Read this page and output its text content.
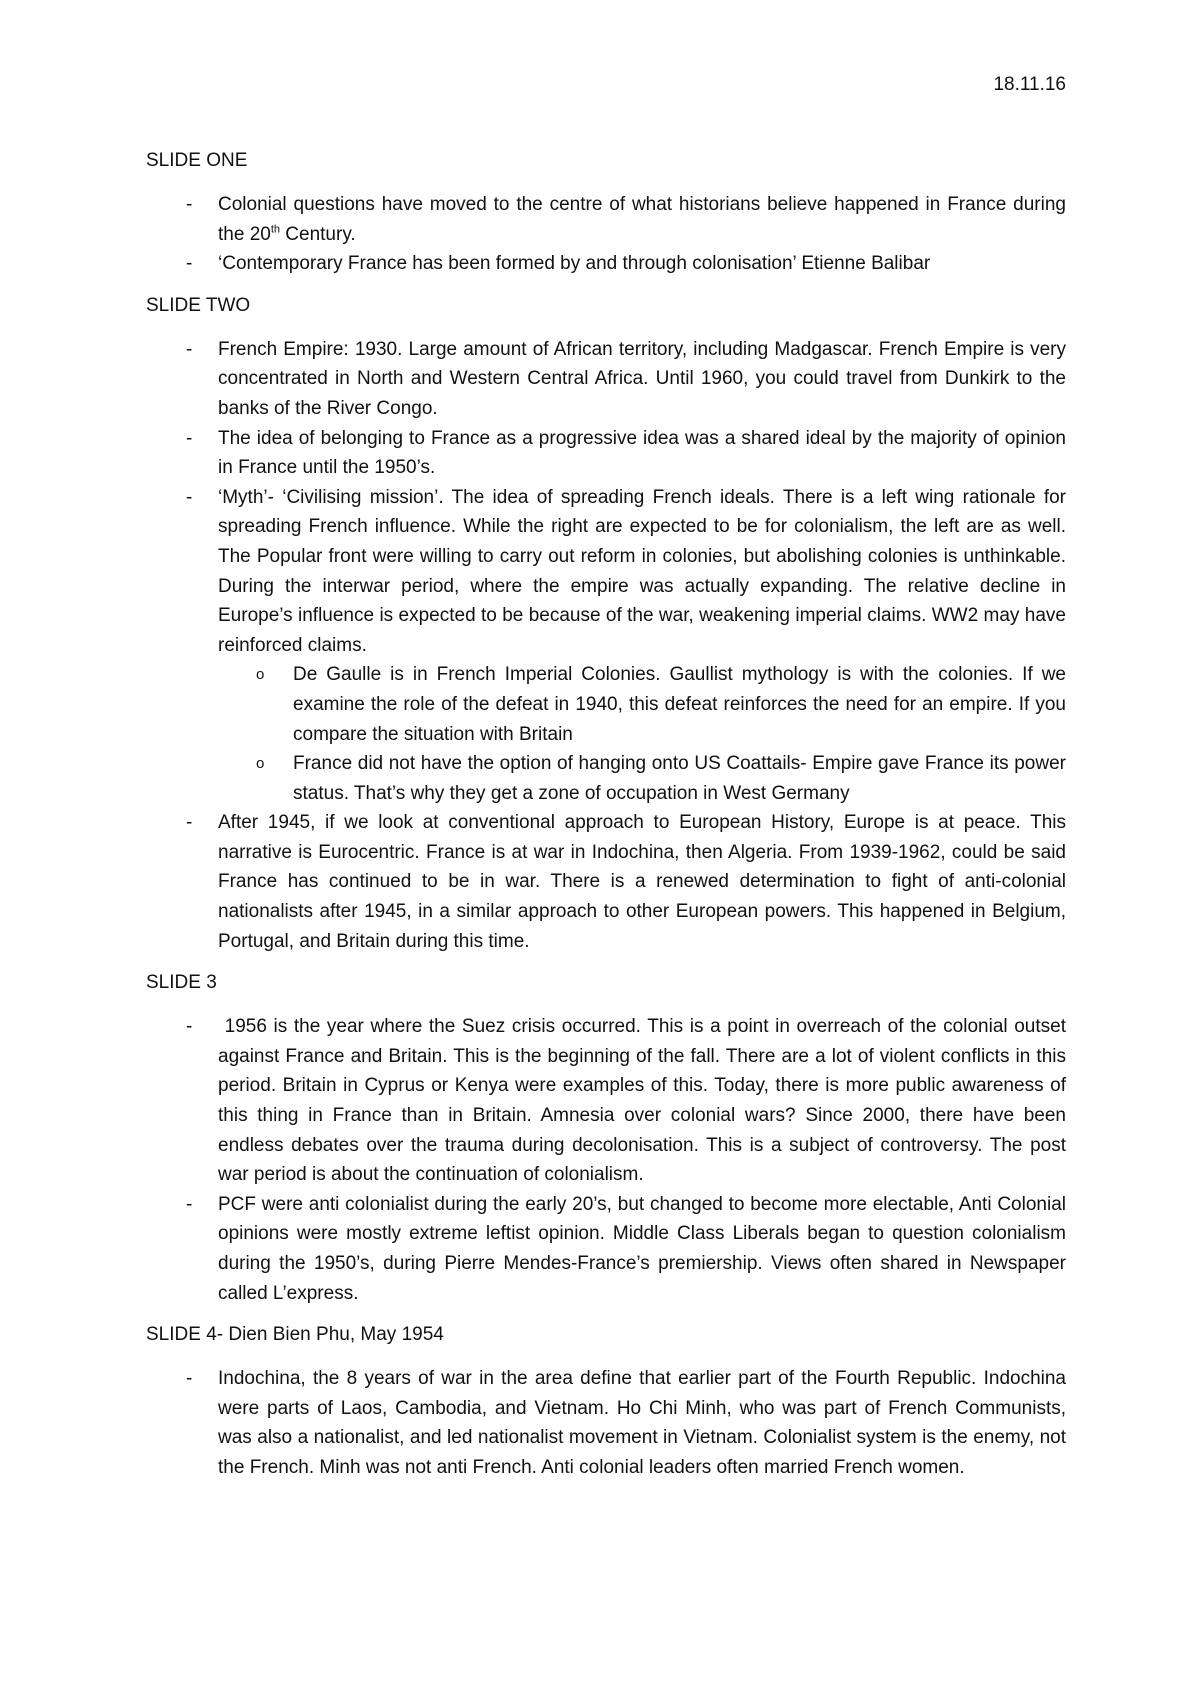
18.11.16
SLIDE ONE
- Colonial questions have moved to the centre of what historians believe happened in France during the 20th Century.
- ‘Contemporary France has been formed by and through colonisation’ Etienne Balibar
SLIDE TWO
- French Empire: 1930. Large amount of African territory, including Madgascar. French Empire is very concentrated in North and Western Central Africa. Until 1960, you could travel from Dunkirk to the banks of the River Congo.
- The idea of belonging to France as a progressive idea was a shared ideal by the majority of opinion in France until the 1950’s.
- ‘Myth’- ‘Civilising mission’. The idea of spreading French ideals. There is a left wing rationale for spreading French influence. While the right are expected to be for colonialism, the left are as well. The Popular front were willing to carry out reform in colonies, but abolishing colonies is unthinkable. During the interwar period, where the empire was actually expanding. The relative decline in Europe’s influence is expected to be because of the war, weakening imperial claims. WW2 may have reinforced claims.
o De Gaulle is in French Imperial Colonies. Gaullist mythology is with the colonies. If we examine the role of the defeat in 1940, this defeat reinforces the need for an empire. If you compare the situation with Britain
o France did not have the option of hanging onto US Coattails- Empire gave France its power status. That’s why they get a zone of occupation in West Germany
- After 1945, if we look at conventional approach to European History, Europe is at peace. This narrative is Eurocentric. France is at war in Indochina, then Algeria. From 1939-1962, could be said France has continued to be in war. There is a renewed determination to fight of anti-colonial nationalists after 1945, in a similar approach to other European powers. This happened in Belgium, Portugal, and Britain during this time.
SLIDE 3
- 1956 is the year where the Suez crisis occurred. This is a point in overreach of the colonial outset against France and Britain. This is the beginning of the fall. There are a lot of violent conflicts in this period. Britain in Cyprus or Kenya were examples of this. Today, there is more public awareness of this thing in France than in Britain. Amnesia over colonial wars? Since 2000, there have been endless debates over the trauma during decolonisation. This is a subject of controversy. The post war period is about the continuation of colonialism.
- PCF were anti colonialist during the early 20’s, but changed to become more electable, Anti Colonial opinions were mostly extreme leftist opinion. Middle Class Liberals began to question colonialism during the 1950’s, during Pierre Mendes-France’s premiership. Views often shared in Newspaper called L’express.
SLIDE 4- Dien Bien Phu, May 1954
- Indochina, the 8 years of war in the area define that earlier part of the Fourth Republic. Indochina were parts of Laos, Cambodia, and Vietnam. Ho Chi Minh, who was part of French Communists, was also a nationalist, and led nationalist movement in Vietnam. Colonialist system is the enemy, not the French. Minh was not anti French. Anti colonial leaders often married French women.
